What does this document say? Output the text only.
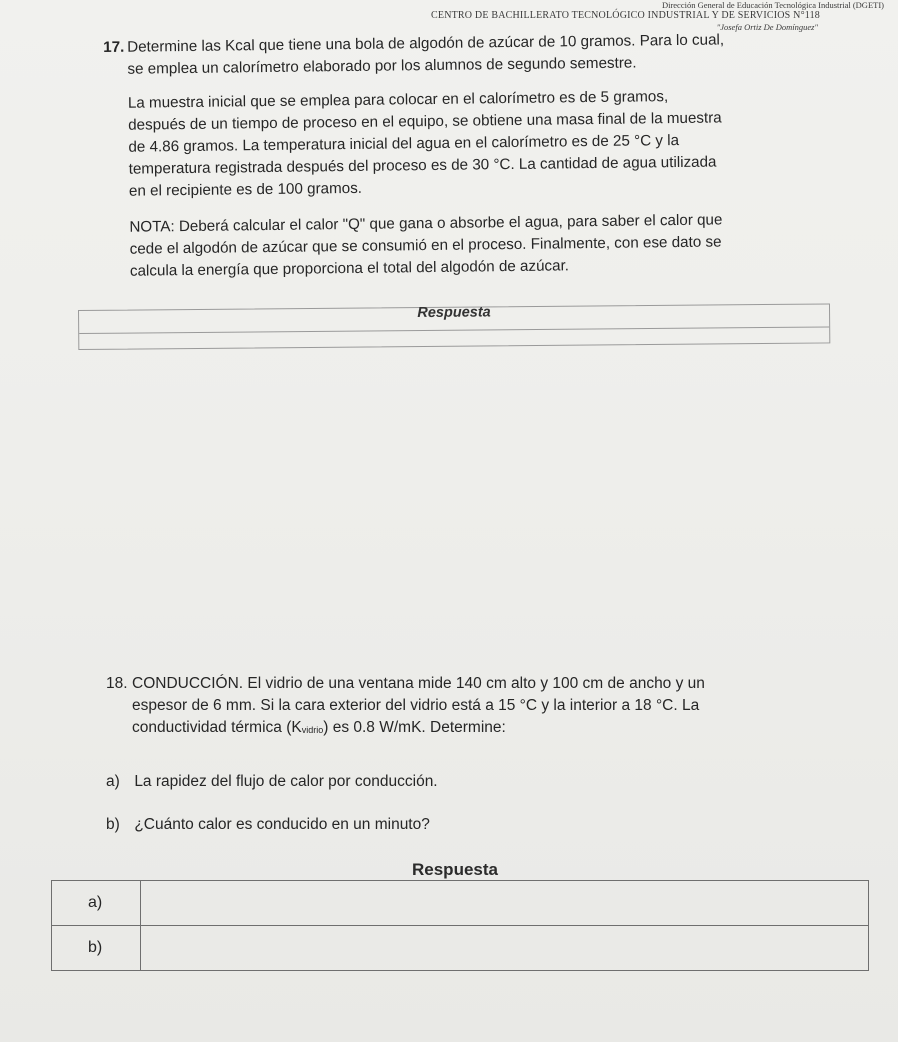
Dirección General de Educación Tecnológica Industrial (DGETI)
CENTRO DE BACHILLERATO TECNOLÓGICO INDUSTRIAL Y DE SERVICIOS N°118
"Josefa Ortiz De Domínguez"
17. Determine las Kcal que tiene una bola de algodón de azúcar de 10 gramos. Para lo cual,

se emplea un calorímetro elaborado por los alumnos de segundo semestre.

La muestra inicial que se emplea para colocar en el calorímetro es de 5 gramos,

después de un tiempo de proceso en el equipo, se obtiene una masa final de la muestra

de 4.86 gramos. La temperatura inicial del agua en el calorímetro es de 25 °C y la

temperatura registrada después del proceso es de 30 °C. La cantidad de agua utilizada

en el recipiente es de 100 gramos.

NOTA: Deberá calcular el calor "Q" que gana o absorbe el agua, para saber el calor que

cede el algodón de azúcar que se consumió en el proceso. Finalmente, con ese dato se

calcula la energía que proporciona el total del algodón de azúcar.

Respuesta
18. CONDUCCIÓN. El vidrio de una ventana mide 140 cm alto y 100 cm de ancho y un

espesor de 6 mm. Si la cara exterior del vidrio está a 15 °C y la interior a 18 °C. La

conductividad térmica (Kvidrio) es 0.8 W/mK. Determine:

a) La rapidez del flujo de calor por conducción.
b) ¿Cuánto calor es conducido en un minuto?
Respuesta
a)	
b)	
